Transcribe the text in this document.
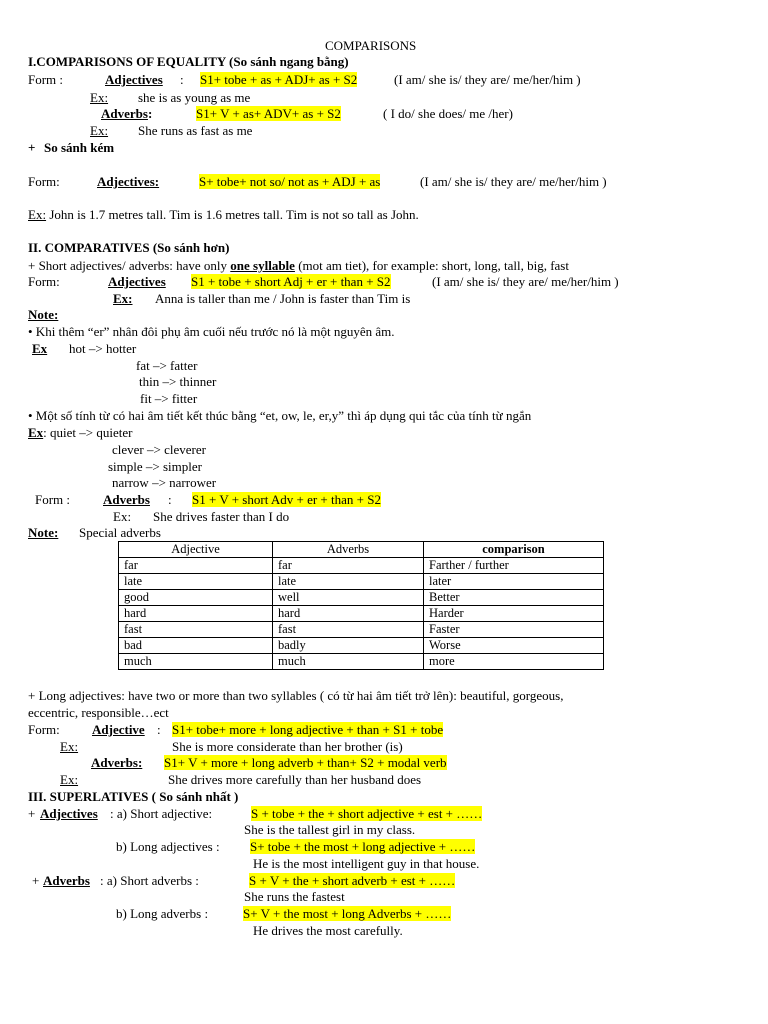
COMPARISONS
I.COMPARISONS OF EQUALITY (So sánh ngang bằng)
Form :	Adjectives : S1+ tobe + as + ADJ+ as + S2	(I am/ she is/ they are/ me/her/him )
Ex: she is as young as me
Adverbs:	S1+ V + as+ ADV+ as + S2	( I do/ she does/ me /her)
Ex: She runs as fast as me
+ So sánh kém
Form:	Adjectives:	S+ tobe+ not so/ not as + ADJ + as	(I am/ she is/ they are/ me/her/him )
Ex: John is 1.7 metres tall. Tim is 1.6 metres tall. Tim is not so tall as John.
II. COMPARATIVES (So sánh hơn)
+ Short adjectives/ adverbs: have only one syllable (mot am tiet), for example: short, long, tall, big, fast
Form:	Adjectives S1 + tobe + short Adj + er + than + S2	(I am/ she is/ they are/ me/her/him )
Ex: Anna is taller than me / John is faster than Tim is
Note:
• Khi thêm “er” nhân đôi phụ âm cuối nếu trước nó là một nguyên âm.
Ex hot –> hotter
fat –> fatter
thin –> thinner
fit –> fitter
• Một số tính từ có hai âm tiết kết thúc bằng “et, ow, le, er,y” thì áp dụng qui tắc của tính từ ngắn
Ex: quiet –> quieter
clever –> cleverer
simple –> simpler
narrow –> narrower
Form :	Adverbs : S1 + V + short Adv + er + than + S2
Ex: She drives faster than I do
Note: Special adverbs
Adjective	Adverbs	comparison
far	far	Farther / further
late	late	later
good	well	Better
hard	hard	Harder
fast	fast	Faster
bad	badly	Worse
much	much	more
+ Long adjectives: have two or more than two syllables ( có từ hai âm tiết trở lên): beautiful, gorgeous,
eccentric, responsible…ect
Form: Adjective : S1+ tobe+ more + long adjective + than + S1 + tobe
Ex:	She is more considerate than her brother (is)
Adverbs: S1+ V + more + long adverb + than+ S2 + modal verb
Ex:	She drives more carefully than her husband does
III. SUPERLATIVES ( So sánh nhất )
+ Adjectives : a) Short adjective:	S + tobe + the + short adjective + est + ……
She is the tallest girl in my class.
b) Long adjectives : S+ tobe + the most + long adjective + ……
He is the most intelligent guy in that house.
+ Adverbs : a) Short adverbs :	S + V + the + short adverb + est + ……
She runs the fastest
b) Long adverbs :	S+ V + the most + long Adverbs + ……
He drives the most carefully.
